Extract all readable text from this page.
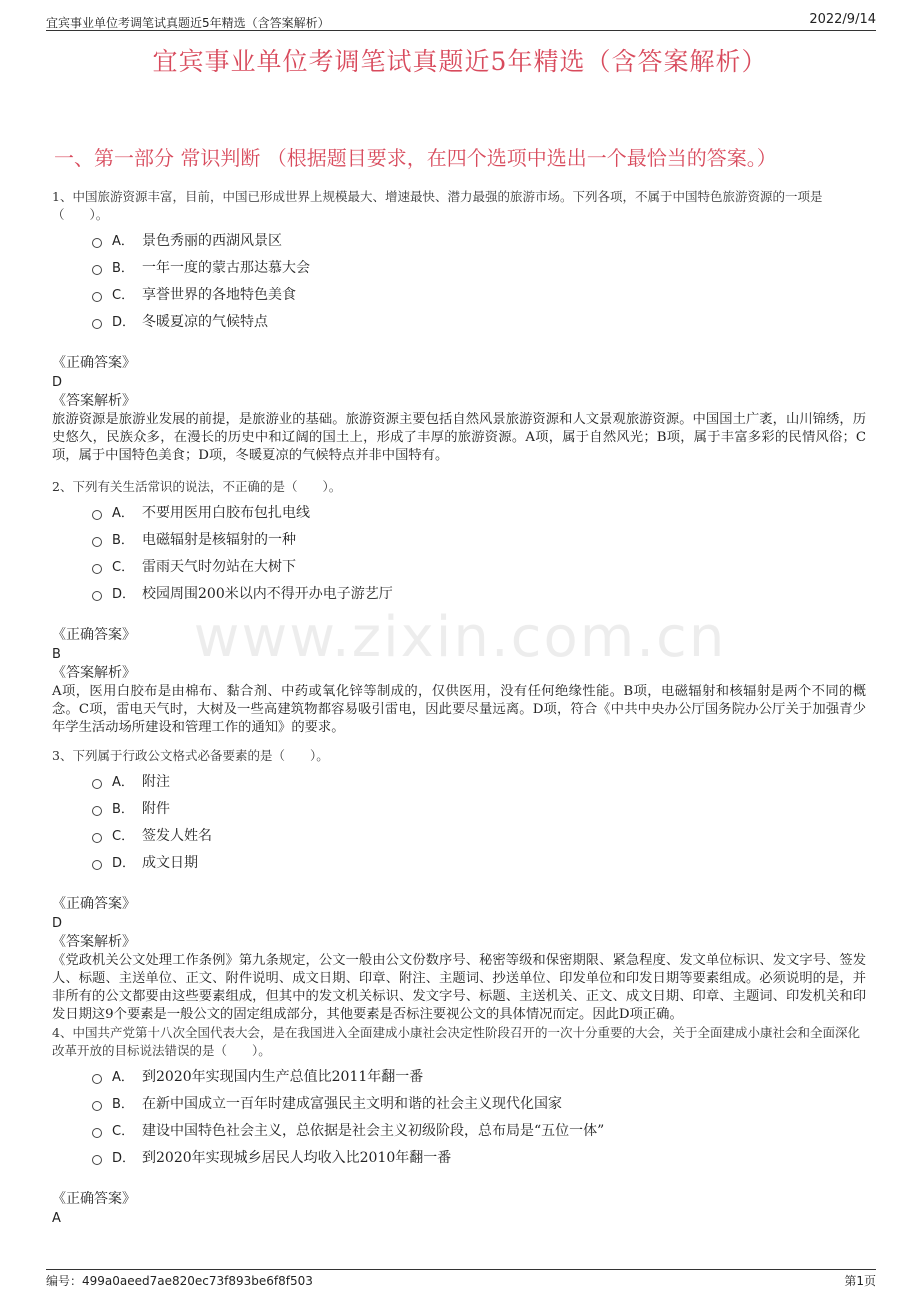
宜宾事业单位考调笔试真题近5年精选（含答案解析）	2022/9/14
宜宾事业单位考调笔试真题近5年精选（含答案解析）
一、第一部分 常识判断 （根据题目要求，在四个选项中选出一个最恰当的答案。）
www.zixin.com.cn
1、中国旅游资源丰富，目前，中国已形成世界上规模最大、增速最快、潜力最强的旅游市场。下列各项，不属于中国特色旅游资源的一项是（　　）。
A． 景色秀丽的西湖风景区
B． 一年一度的蒙古那达慕大会
C． 享誉世界的各地特色美食
D． 冬暖夏凉的气候特点
《正确答案》
D
《答案解析》
旅游资源是旅游业发展的前提，是旅游业的基础。旅游资源主要包括自然风景旅游资源和人文景观旅游资源。中国国土广袤，山川锦绣，历史悠久，民族众多，在漫长的历史中和辽阔的国土上，形成了丰厚的旅游资源。A项，属于自然风光；B项，属于丰富多彩的民情风俗；C项，属于中国特色美食；D项，冬暖夏凉的气候特点并非中国特有。
2、下列有关生活常识的说法，不正确的是（　　）。
A． 不要用医用白胶布包扎电线
B． 电磁辐射是核辐射的一种
C． 雷雨天气时勿站在大树下
D． 校园周围200米以内不得开办电子游艺厅
《正确答案》
B
《答案解析》
A项，医用白胶布是由棉布、黏合剂、中药或氧化锌等制成的，仅供医用，没有任何绝缘性能。B项，电磁辐射和核辐射是两个不同的概念。C项，雷电天气时，大树及一些高建筑物都容易吸引雷电，因此要尽量远离。D项，符合《中共中央办公厅国务院办公厅关于加强青少年学生活动场所建设和管理工作的通知》的要求。
3、下列属于行政公文格式必备要素的是（　　）。
A． 附注
B． 附件
C． 签发人姓名
D． 成文日期
《正确答案》
D
《答案解析》
《党政机关公文处理工作条例》第九条规定，公文一般由公文份数序号、秘密等级和保密期限、紧急程度、发文单位标识、发文字号、签发人、标题、主送单位、正文、附件说明、成文日期、印章、附注、主题词、抄送单位、印发单位和印发日期等要素组成。必须说明的是，并非所有的公文都要由这些要素组成，但其中的发文机关标识、发文字号、标题、主送机关、正文、成文日期、印章、主题词、印发机关和印发日期这9个要素是一般公文的固定组成部分，其他要素是否标注要视公文的具体情况而定。因此D项正确。
4、中国共产党第十八次全国代表大会，是在我国进入全面建成小康社会决定性阶段召开的一次十分重要的大会，关于全面建成小康社会和全面深化改革开放的目标说法错误的是（　　）。
A． 到2020年实现国内生产总值比2011年翻一番
B． 在新中国成立一百年时建成富强民主文明和谐的社会主义现代化国家
C． 建设中国特色社会主义，总依据是社会主义初级阶段，总布局是“五位一体”
D． 到2020年实现城乡居民人均收入比2010年翻一番
《正确答案》
A
编号：499a0aeed7ae820ec73f893be6f8f503	第1页
